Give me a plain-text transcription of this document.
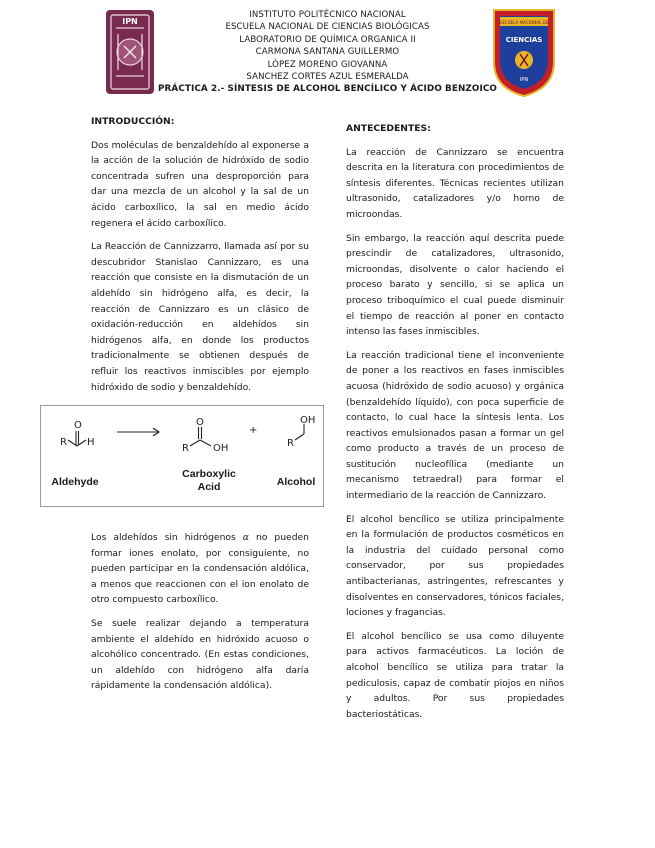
INSTITUTO POLITÉCNICO NACIONAL
ESCUELA NACIONAL DE CIENCIAS BIOLÓGICAS
LABORATORIO DE QUÍMICA ORGANICA II
CARMONA SANTANA GUILLERMO
LÓPEZ MORENO GIOVANNA
SANCHEZ CORTES AZUL ESMERALDA
PRÁCTICA 2.- SÍNTESIS DE ALCOHOL BENCÍLICO Y ÁCIDO BENZOICO
IPN	ESCUELA NACIONAL DE
CIENCIAS
IPN
INTRODUCCIÓN:

Dos moléculas de benzaldehído al exponerse a la acción de la solución de hidróxido de sodio concentrada sufren una desproporción para dar una mezcla de un alcohol y la sal de un ácido carboxílico, la sal en medio ácido regenera el ácido carboxílico.

La Reacción de Cannizzarro, llamada así por su descubridor Stanislao Cannizzaro, es una reacción que consiste en la dismutación de un aldehído sin hidrógeno alfa, es decir, la reacción de Cannizzaro es un clásico de oxidación-reducción en aldehídos sin hidrógenos alfa, en donde los productos tradicionalmente se obtienen después de refluir los reactivos inmiscibles por ejemplo hidróxido de sodio y benzaldehído.

O
R H
O
R OH
+
R
OH
Aldehyde
Carboxylic
Acid	Alcohol

Los aldehídos sin hidrógenos α no pueden formar iones enolato, por consiguiente, no pueden participar en la condensación aldólica, a menos que reaccionen con el ion enolato de otro compuesto carboxílico.

Se suele realizar dejando a temperatura ambiente el aldehído en hidróxido acuoso o alcohólico concentrado. (En estas condiciones, un aldehído con hidrógeno alfa daría rápidamente la condensación aldólica).

ANTECEDENTES:

La reacción de Cannizzaro se encuentra descrita en la literatura con procedimientos de síntesis diferentes. Técnicas recientes utilizan ultrasonido, catalizadores y/o horno de microondas.

Sin embargo, la reacción aquí descrita puede prescindir de catalizadores, ultrasonido, microondas, disolvente o calor haciendo el proceso barato y sencillo, si se aplica un proceso triboquímico el cual puede disminuir el tiempo de reacción al poner en contacto intenso las fases inmiscibles.

La reacción tradicional tiene el inconveniente de poner a los reactivos en fases inmiscibles acuosa (hidróxido de sodio acuoso) y orgánica (benzaldehído líquido), con poca superficie de contacto, lo cual hace la síntesis lenta. Los reactivos emulsionados pasan a formar un gel como producto a través de un proceso de sustitución nucleofílica (mediante un mecanismo tetraedral) para formar el intermediario de la reacción de Cannizzaro.

El alcohol bencílico se utiliza principalmente en la formulación de productos cosméticos en la industria del cuidado personal como conservador, por sus propiedades antibacterianas, astringentes, refrescantes y disolventes en conservadores, tónicos faciales, lociones y fragancias.

El alcohol bencílico se usa como diluyente para activos farmacéuticos. La loción de alcohol bencílico se utiliza para tratar la pediculosis, capaz de combatir piojos en niños y adultos. Por sus propiedades bacteriostáticas.
